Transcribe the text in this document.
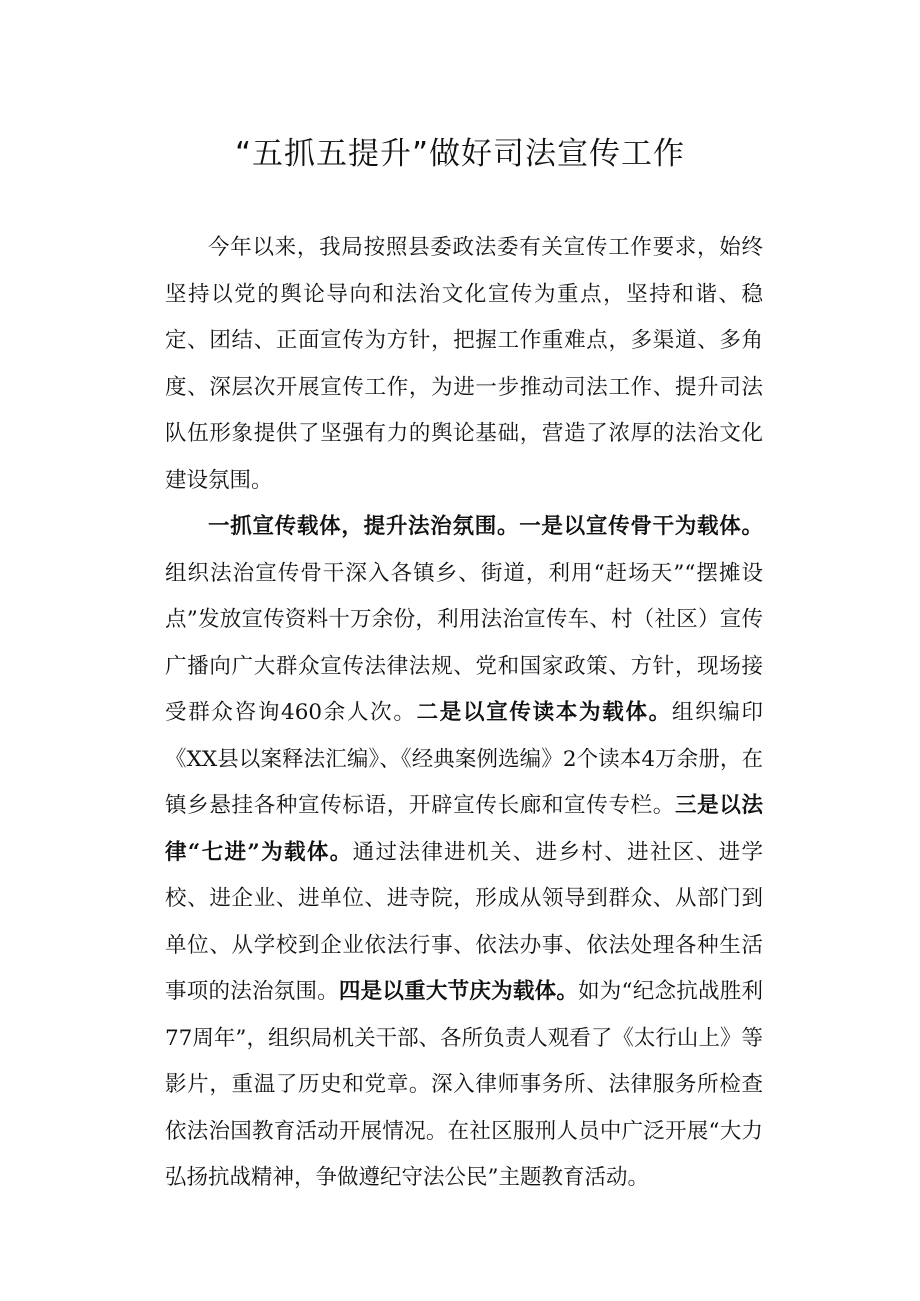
“五抓五提升”做好司法宣传工作

今年以来，我局按照县委政法委有关宣传工作要求，始终坚持以党的舆论导向和法治文化宣传为重点，坚持和谐、稳定、团结、正面宣传为方针，把握工作重难点，多渠道、多角度、深层次开展宣传工作，为进一步推动司法工作、提升司法队伍形象提供了坚强有力的舆论基础，营造了浓厚的法治文化建设氛围。

一抓宣传载体，提升法治氛围。一是以宣传骨干为载体。组织法治宣传骨干深入各镇乡、街道，利用“赶场天”“摆摊设点”发放宣传资料十万余份，利用法治宣传车、村（社区）宣传广播向广大群众宣传法律法规、党和国家政策、方针，现场接受群众咨询460余人次。二是以宣传读本为载体。组织编印《XX县以案释法汇编》、《经典案例选编》2个读本4万余册，在镇乡悬挂各种宣传标语，开辟宣传长廊和宣传专栏。三是以法律“七进”为载体。通过法律进机关、进乡村、进社区、进学校、进企业、进单位、进寺院，形成从领导到群众、从部门到单位、从学校到企业依法行事、依法办事、依法处理各种生活事项的法治氛围。四是以重大节庆为载体。如为“纪念抗战胜利77周年”，组织局机关干部、各所负责人观看了《太行山上》等影片，重温了历史和党章。深入律师事务所、法律服务所检查依法治国教育活动开展情况。在社区服刑人员中广泛开展“大力弘扬抗战精神，争做遵纪守法公民”主题教育活动。
